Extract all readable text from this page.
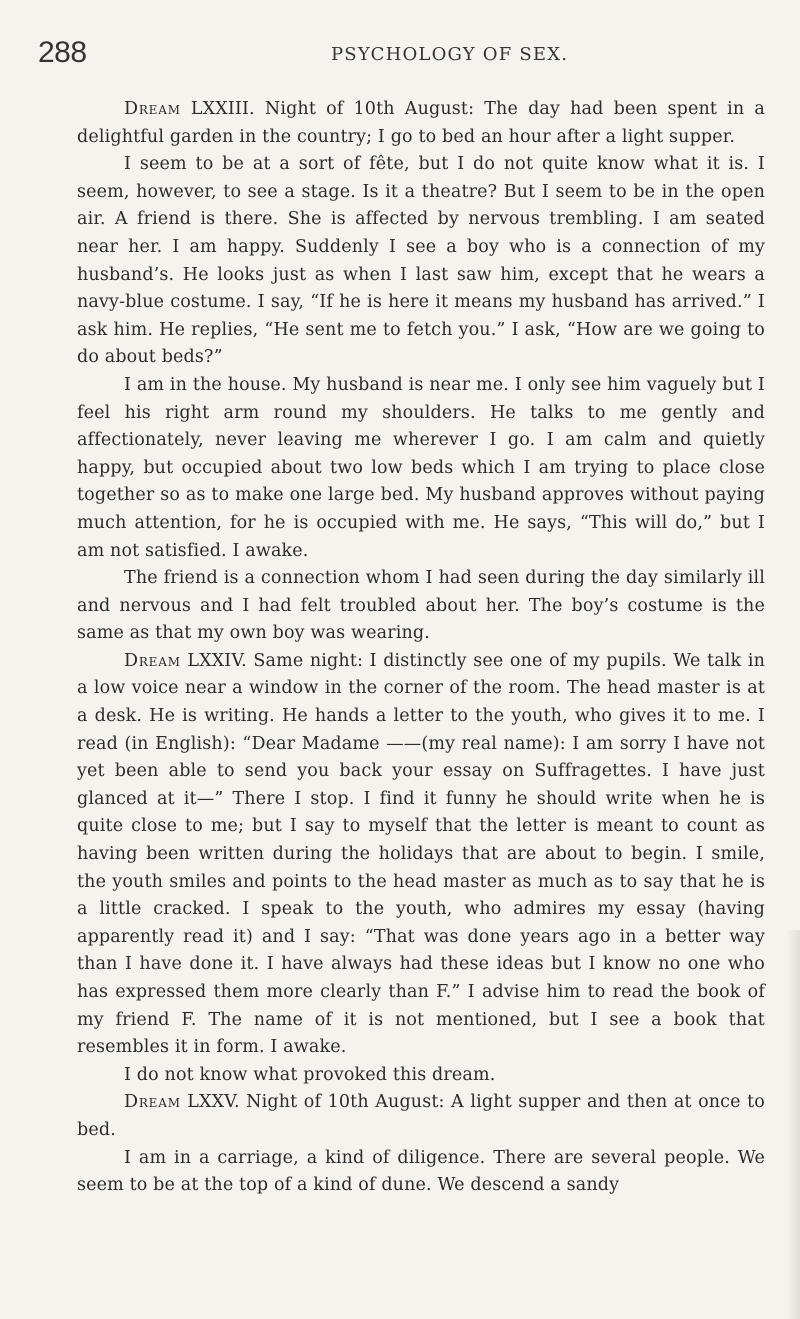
288	PSYCHOLOGY OF SEX.

Dream LXXIII. Night of 10th August: The day had been spent in a delightful garden in the country; I go to bed an hour after a light supper.

I seem to be at a sort of fête, but I do not quite know what it is. I seem, however, to see a stage. Is it a theatre? But I seem to be in the open air. A friend is there. She is affected by nervous trembling. I am seated near her. I am happy. Suddenly I see a boy who is a connection of my husband’s. He looks just as when I last saw him, except that he wears a navy-blue costume. I say, “If he is here it means my husband has arrived.” I ask him. He replies, “He sent me to fetch you.” I ask, “How are we going to do about beds?”

I am in the house. My husband is near me. I only see him vaguely but I feel his right arm round my shoulders. He talks to me gently and affectionately, never leaving me wherever I go. I am calm and quietly happy, but occupied about two low beds which I am trying to place close together so as to make one large bed. My husband approves without paying much attention, for he is occupied with me. He says, “This will do,” but I am not satisfied. I awake.

The friend is a connection whom I had seen during the day similarly ill and nervous and I had felt troubled about her. The boy’s costume is the same as that my own boy was wearing.

Dream LXXIV. Same night: I distinctly see one of my pupils. We talk in a low voice near a window in the corner of the room. The head master is at a desk. He is writing. He hands a letter to the youth, who gives it to me. I read (in English): “Dear Madame ——(my real name): I am sorry I have not yet been able to send you back your essay on Suffragettes. I have just glanced at it—” There I stop. I find it funny he should write when he is quite close to me; but I say to myself that the letter is meant to count as having been written during the holidays that are about to begin. I smile, the youth smiles and points to the head master as much as to say that he is a little cracked. I speak to the youth, who admires my essay (having apparently read it) and I say: “That was done years ago in a better way than I have done it. I have always had these ideas but I know no one who has expressed them more clearly than F.” I advise him to read the book of my friend F. The name of it is not mentioned, but I see a book that resembles it in form. I awake.

I do not know what provoked this dream.

Dream LXXV. Night of 10th August: A light supper and then at once to bed.

I am in a carriage, a kind of diligence. There are several people. We seem to be at the top of a kind of dune. We descend a sandy
